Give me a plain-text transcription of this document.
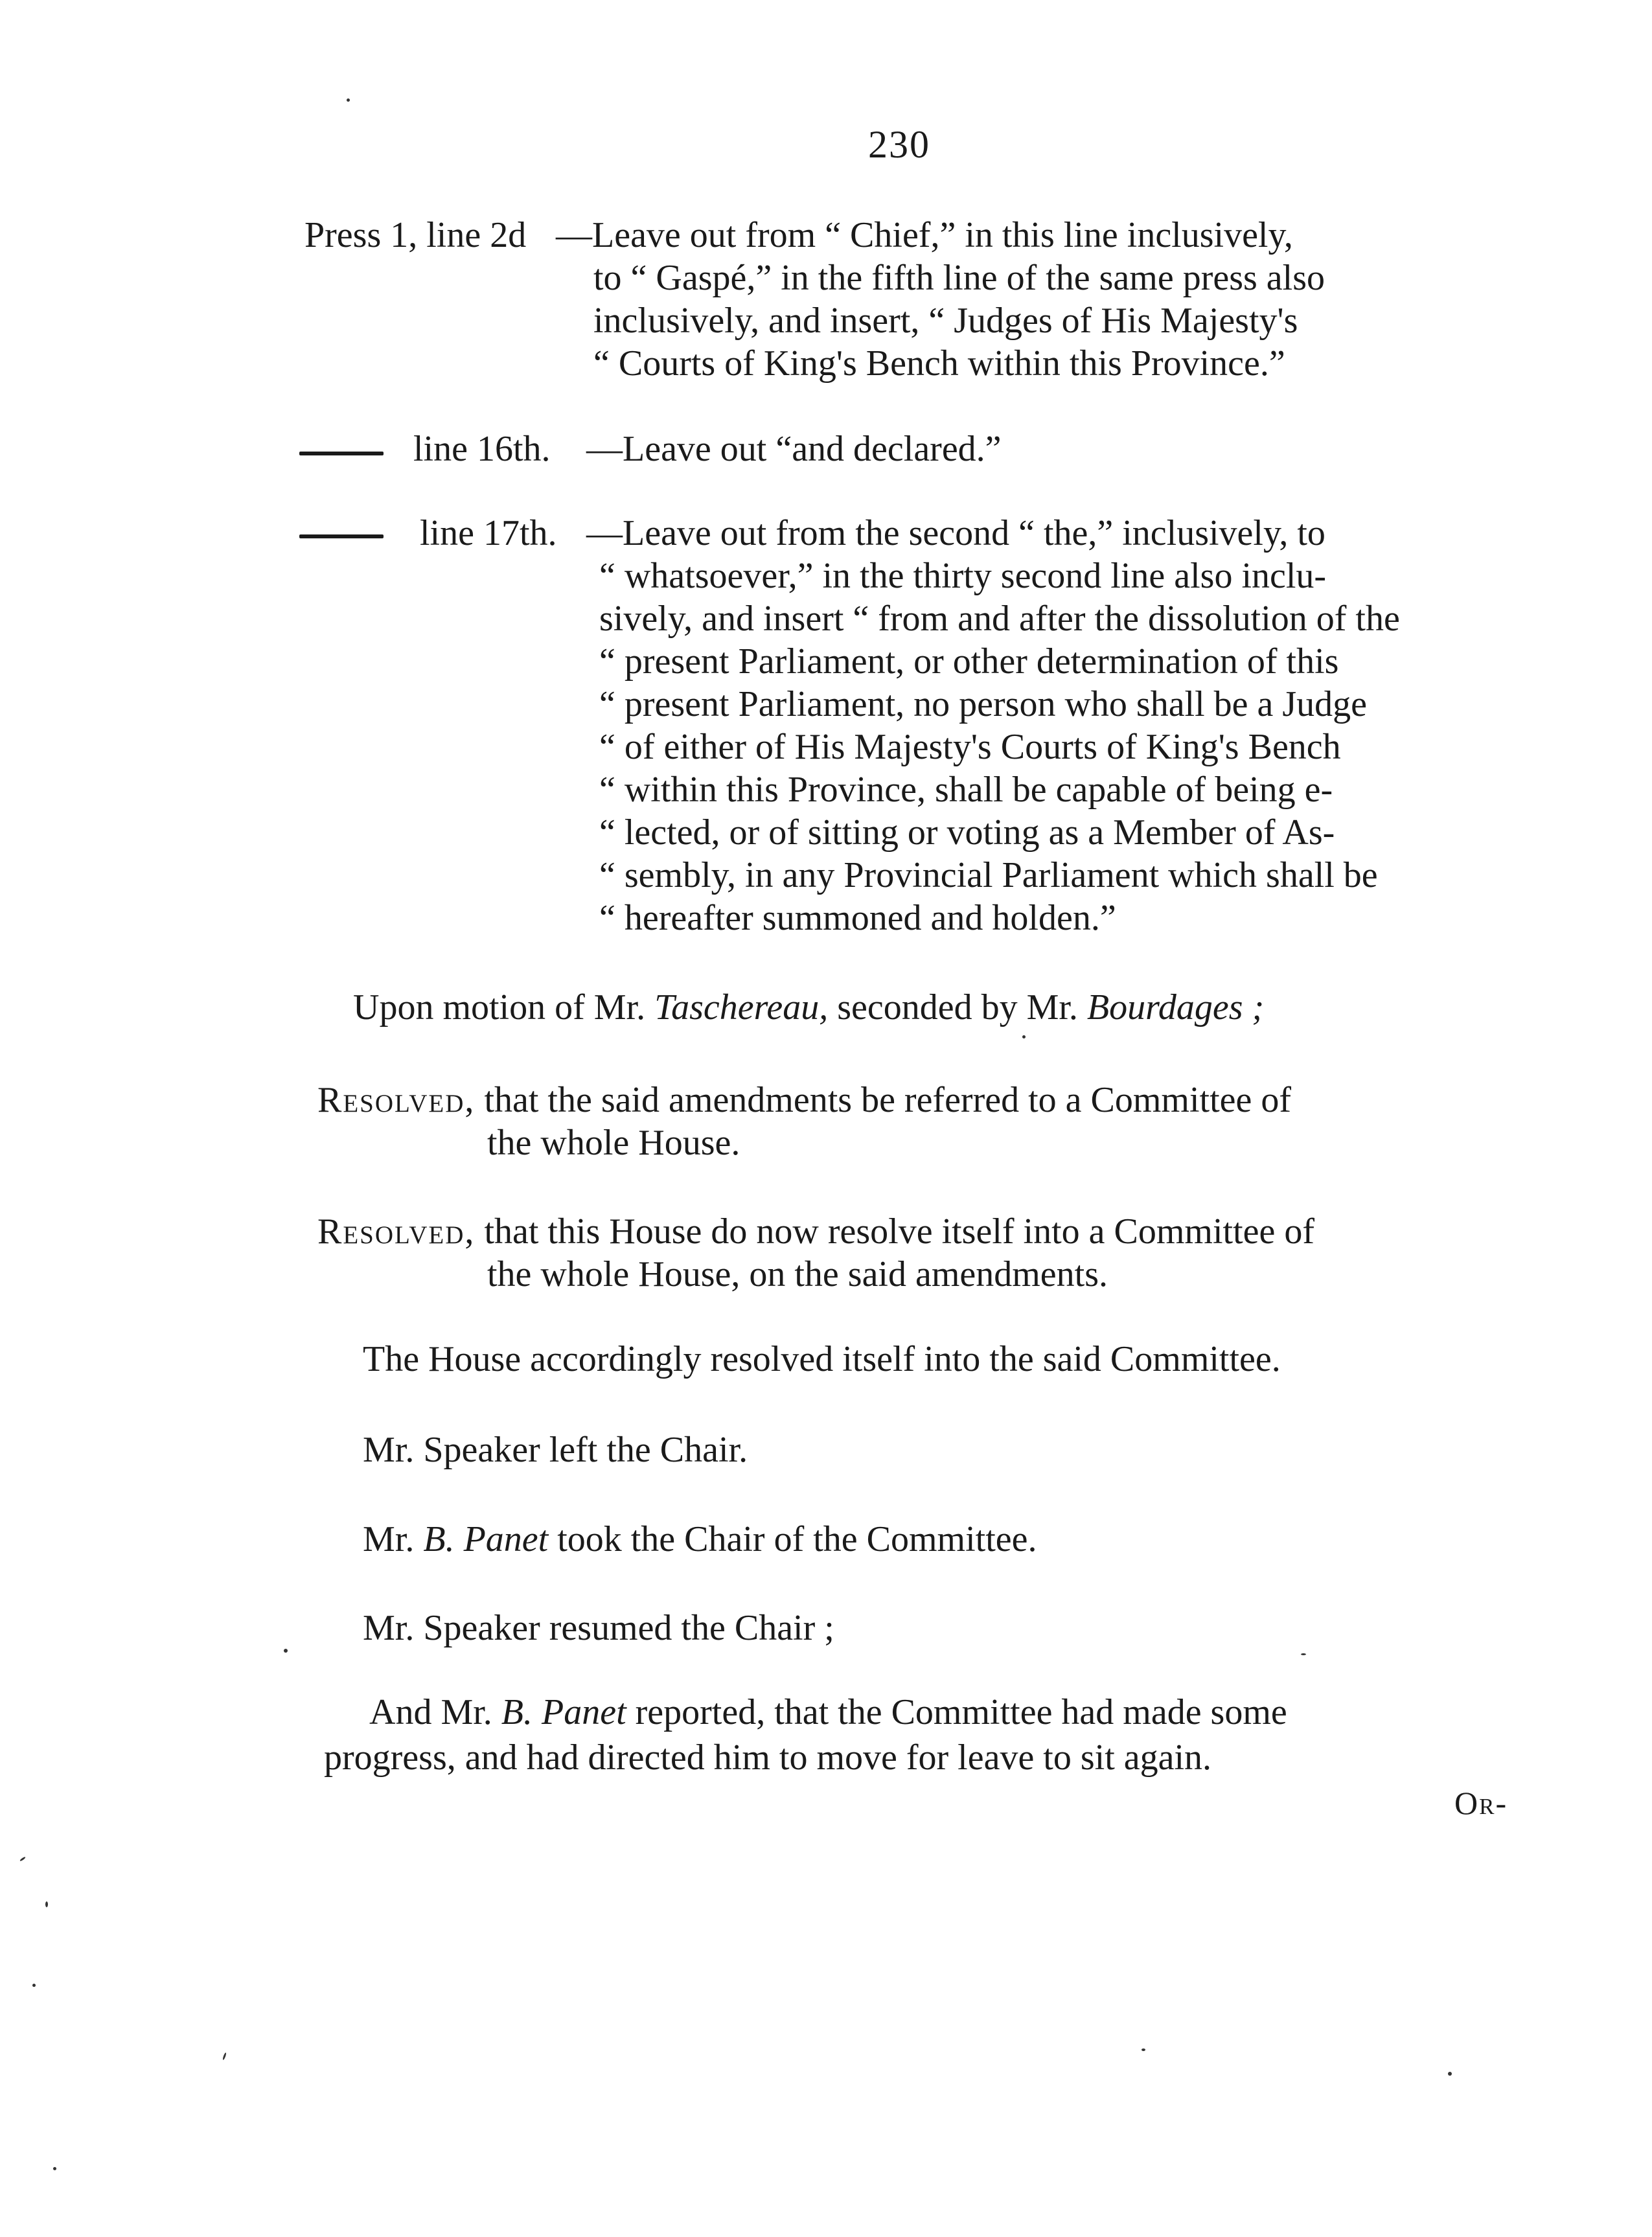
230
Press 1, line 2d —Leave out from “ Chief,” in this line inclusively,
to “ Gaspé,” in the fifth line of the same press also
inclusively, and insert, “ Judges of His Majesty's
“ Courts of King's Bench within this Province.”
line 16th. —Leave out “and declared.”
line 17th. —Leave out from the second “ the,” inclusively, to
“ whatsoever,” in the thirty second line also inclu-
sively, and insert “ from and after the dissolution of the
“ present Parliament, or other determination of this
“ present Parliament, no person who shall be a Judge
“ of either of His Majesty's Courts of King's Bench
“ within this Province, shall be capable of being e-
“ lected, or of sitting or voting as a Member of As-
“ sembly, in any Provincial Parliament which shall be
“ hereafter summoned and holden.”
Upon motion of Mr. Taschereau, seconded by Mr. Bourdages ;
Resolved, that the said amendments be referred to a Committee of
the whole House.
Resolved, that this House do now resolve itself into a Committee of
the whole House, on the said amendments.
The House accordingly resolved itself into the said Committee.
Mr. Speaker left the Chair.
Mr. B. Panet took the Chair of the Committee.
Mr. Speaker resumed the Chair ;
And Mr. B. Panet reported, that the Committee had made some
progress, and had directed him to move for leave to sit again.
Or-
